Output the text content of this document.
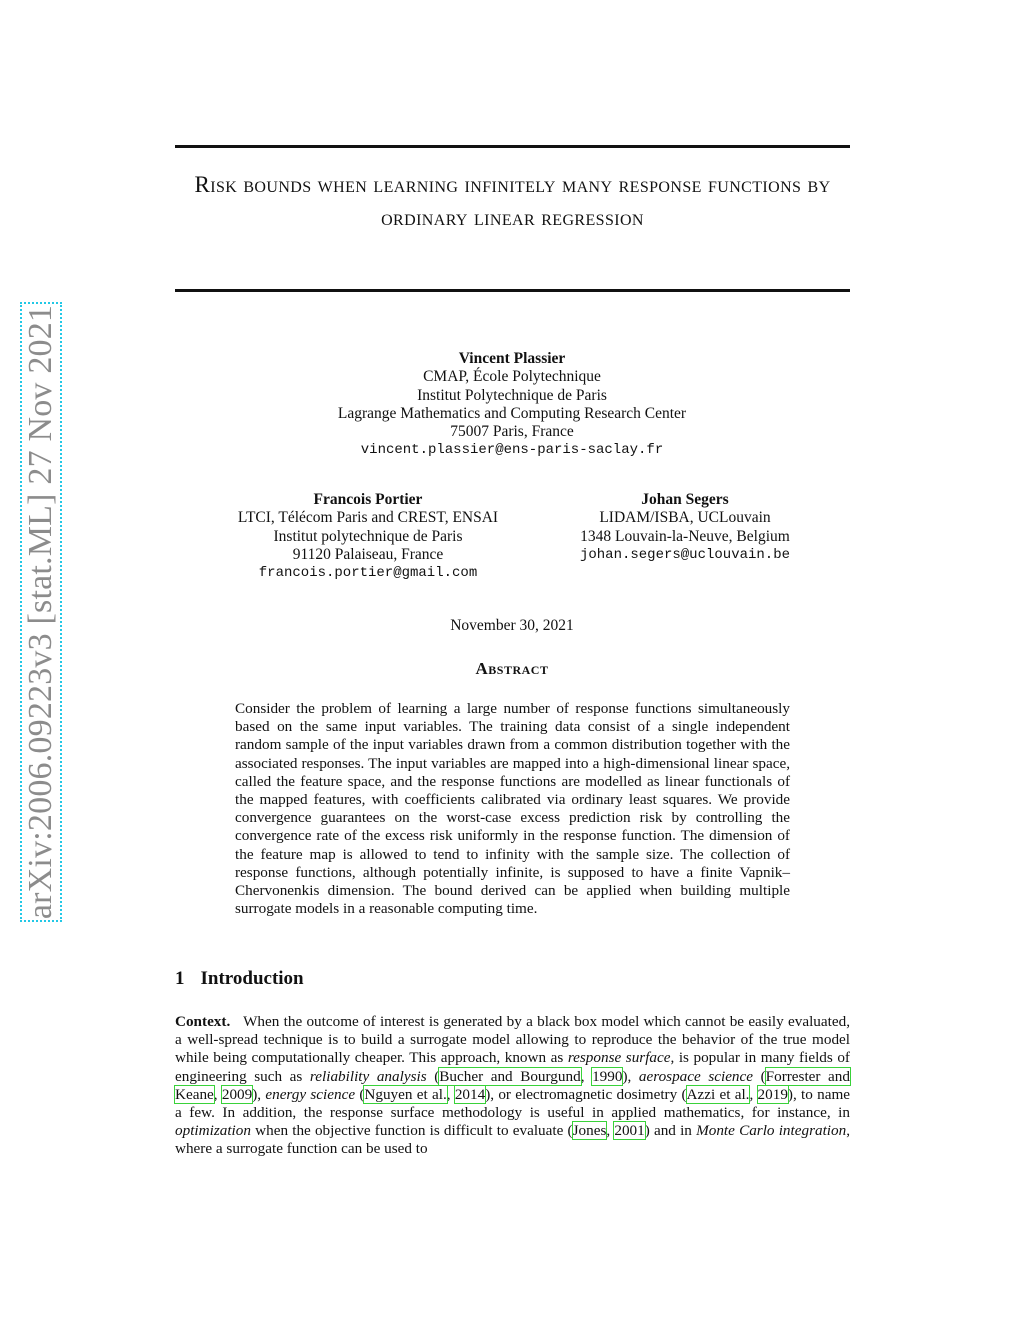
arXiv:2006.09223v3 [stat.ML] 27 Nov 2021
Risk bounds when learning infinitely many response functions by ordinary linear regression
Vincent Plassier
CMAP, École Polytechnique
Institut Polytechnique de Paris
Lagrange Mathematics and Computing Research Center
75007 Paris, France
vincent.plassier@ens-paris-saclay.fr
Francois Portier
LTCI, Télécom Paris and CREST, ENSAI
Institut polytechnique de Paris
91120 Palaiseau, France
francois.portier@gmail.com
Johan Segers
LIDAM/ISBA, UCLouvain
1348 Louvain-la-Neuve, Belgium
johan.segers@uclouvain.be
November 30, 2021
Abstract
Consider the problem of learning a large number of response functions simultaneously based on the same input variables. The training data consist of a single independent random sample of the input variables drawn from a common distribution together with the associated responses. The input variables are mapped into a high-dimensional linear space, called the feature space, and the response functions are modelled as linear functionals of the mapped features, with coefficients calibrated via ordinary least squares. We provide convergence guarantees on the worst-case excess prediction risk by controlling the convergence rate of the excess risk uniformly in the response function. The dimension of the feature map is allowed to tend to infinity with the sample size. The collection of response functions, although potentially infinite, is supposed to have a finite Vapnik–Chervonenkis dimension. The bound derived can be applied when building multiple surrogate models in a reasonable computing time.
1 Introduction
Context. When the outcome of interest is generated by a black box model which cannot be easily evaluated, a well-spread technique is to build a surrogate model allowing to reproduce the behavior of the true model while being computationally cheaper. This approach, known as response surface, is popular in many fields of engineering such as reliability analysis (Bucher and Bourgund, 1990), aerospace science (Forrester and Keane, 2009), energy science (Nguyen et al., 2014), or electromagnetic dosimetry (Azzi et al., 2019), to name a few. In addition, the response surface methodology is useful in applied mathematics, for instance, in optimization when the objective function is difficult to evaluate (Jones, 2001) and in Monte Carlo integration, where a surrogate function can be used to
